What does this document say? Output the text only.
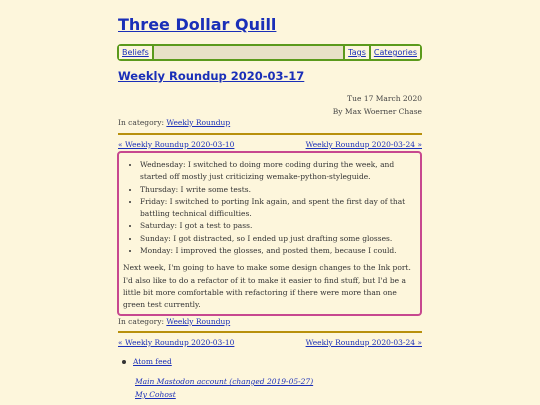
Three Dollar Quill
Beliefs	Tags	Categories
Weekly Roundup 2020-03-17
Tue 17 March 2020
By Max Woerner Chase
In category: Weekly Roundup
« Weekly Roundup 2020-03-10	Weekly Roundup 2020-03-24 »
• Wednesday: I switched to doing more coding during the week, and started off mostly just criticizing wemake-python-styleguide.
• Thursday: I write some tests.
• Friday: I switched to porting Ink again, and spent the first day of that battling technical difficulties.
• Saturday: I got a test to pass.
• Sunday: I got distracted, so I ended up just drafting some glosses.
• Monday: I improved the glosses, and posted them, because I could.

Next week, I'm going to have to make some design changes to the Ink port. I'd also like to do a refactor of it to make it easier to find stuff, but I'd be a little bit more comfortable with refactoring if there were more than one green test currently.

In category: Weekly Roundup
« Weekly Roundup 2020-03-10	Weekly Roundup 2020-03-24 »
Atom feed
Main Mastodon account (changed 2019-05-27)
My Cohost
